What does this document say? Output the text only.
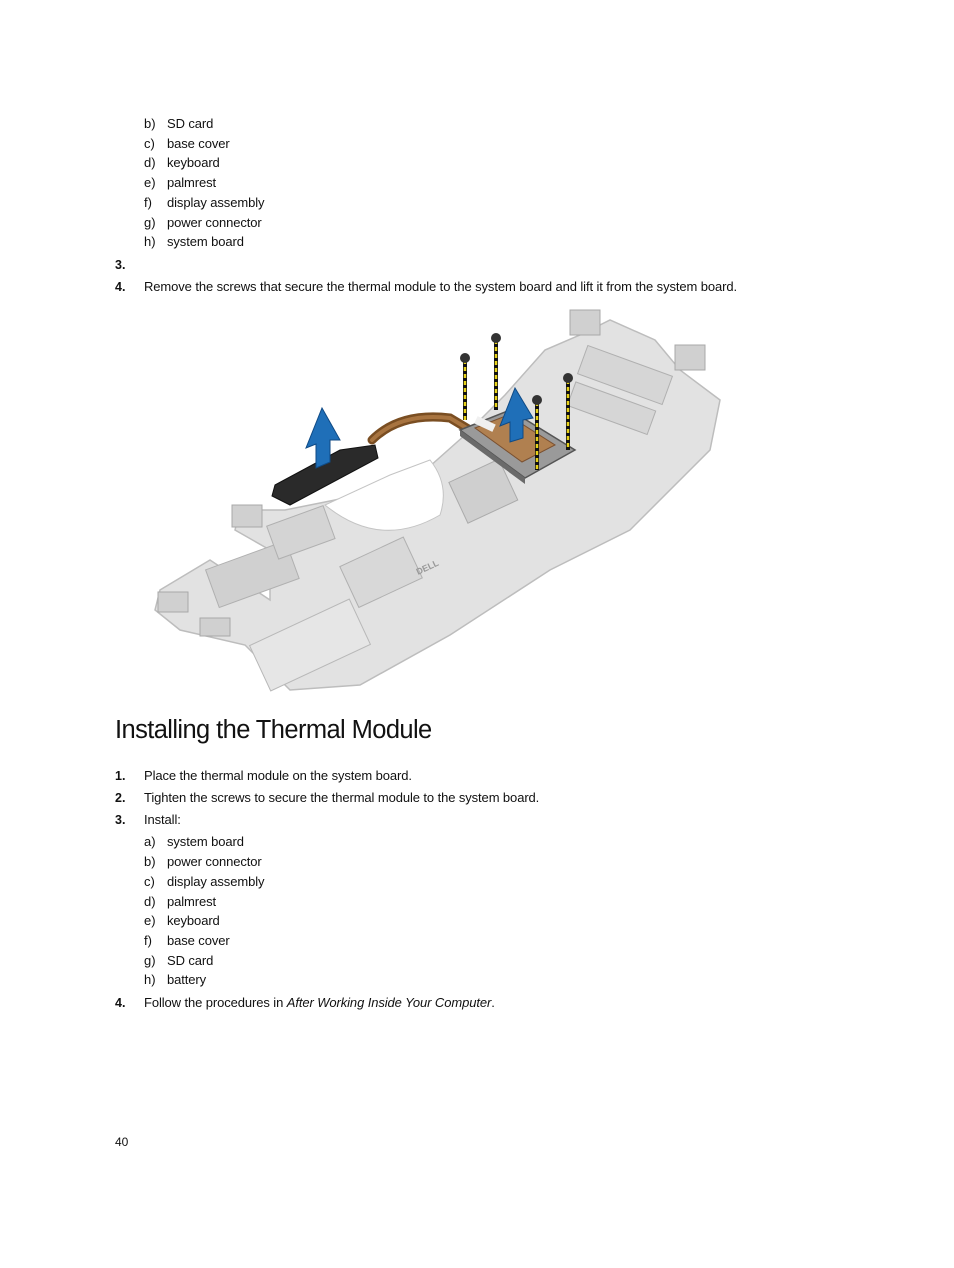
b) SD card
c) base cover
d) keyboard
e) palmrest
f) display assembly
g) power connector
h) system board
3.
4. Remove the screws that secure the thermal module to the system board and lift it from the system board.
DELL
Installing the Thermal Module
1. Place the thermal module on the system board.
2. Tighten the screws to secure the thermal module to the system board.
3. Install:
a) system board
b) power connector
c) display assembly
d) palmrest
e) keyboard
f) base cover
g) SD card
h) battery
4. Follow the procedures in After Working Inside Your Computer.
40
